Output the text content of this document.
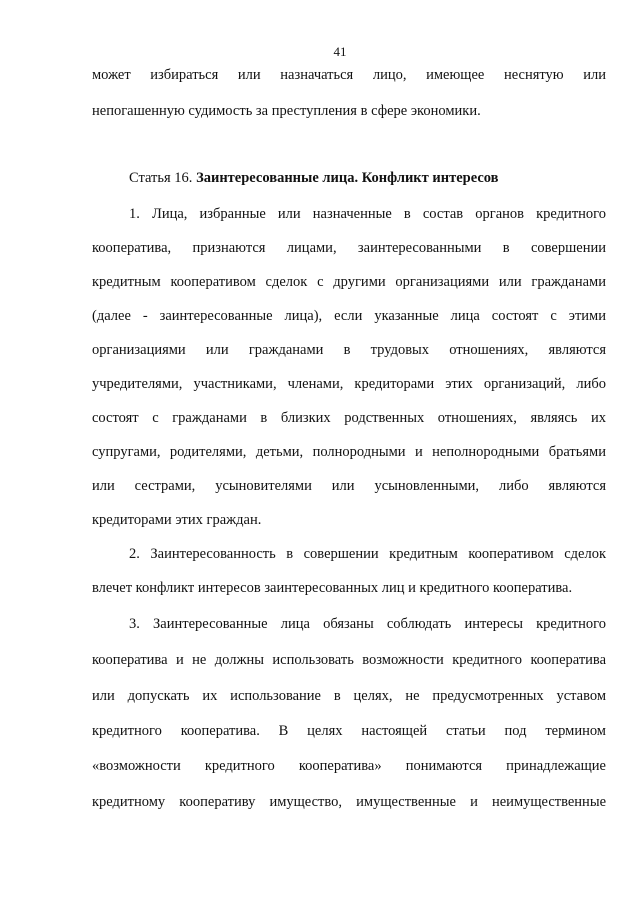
41
может избираться или назначаться лицо, имеющее неснятую или
непогашенную судимость за преступления в сфере экономики.
Статья 16. Заинтересованные лица. Конфликт интересов
1. Лица, избранные или назначенные в состав органов кредитного
кооператива, признаются лицами, заинтересованными в совершении
кредитным кооперативом сделок с другими организациями или гражданами
(далее - заинтересованные лица), если указанные лица состоят с этими
организациями или гражданами в трудовых отношениях, являются
учредителями, участниками, членами, кредиторами этих организаций, либо
состоят с гражданами в близких родственных отношениях, являясь их
супругами, родителями, детьми, полнородными и неполнородными братьями
или сестрами, усыновителями или усыновленными, либо являются
кредиторами этих граждан.
2. Заинтересованность в совершении кредитным кооперативом сделок
влечет конфликт интересов заинтересованных лиц и кредитного кооператива.
3. Заинтересованные лица обязаны соблюдать интересы кредитного
кооператива и не должны использовать возможности кредитного кооператива
или допускать их использование в целях, не предусмотренных уставом
кредитного кооператива. В целях настоящей статьи под термином
«возможности кредитного кооператива» понимаются принадлежащие
кредитному кооперативу имущество, имущественные и неимущественные
